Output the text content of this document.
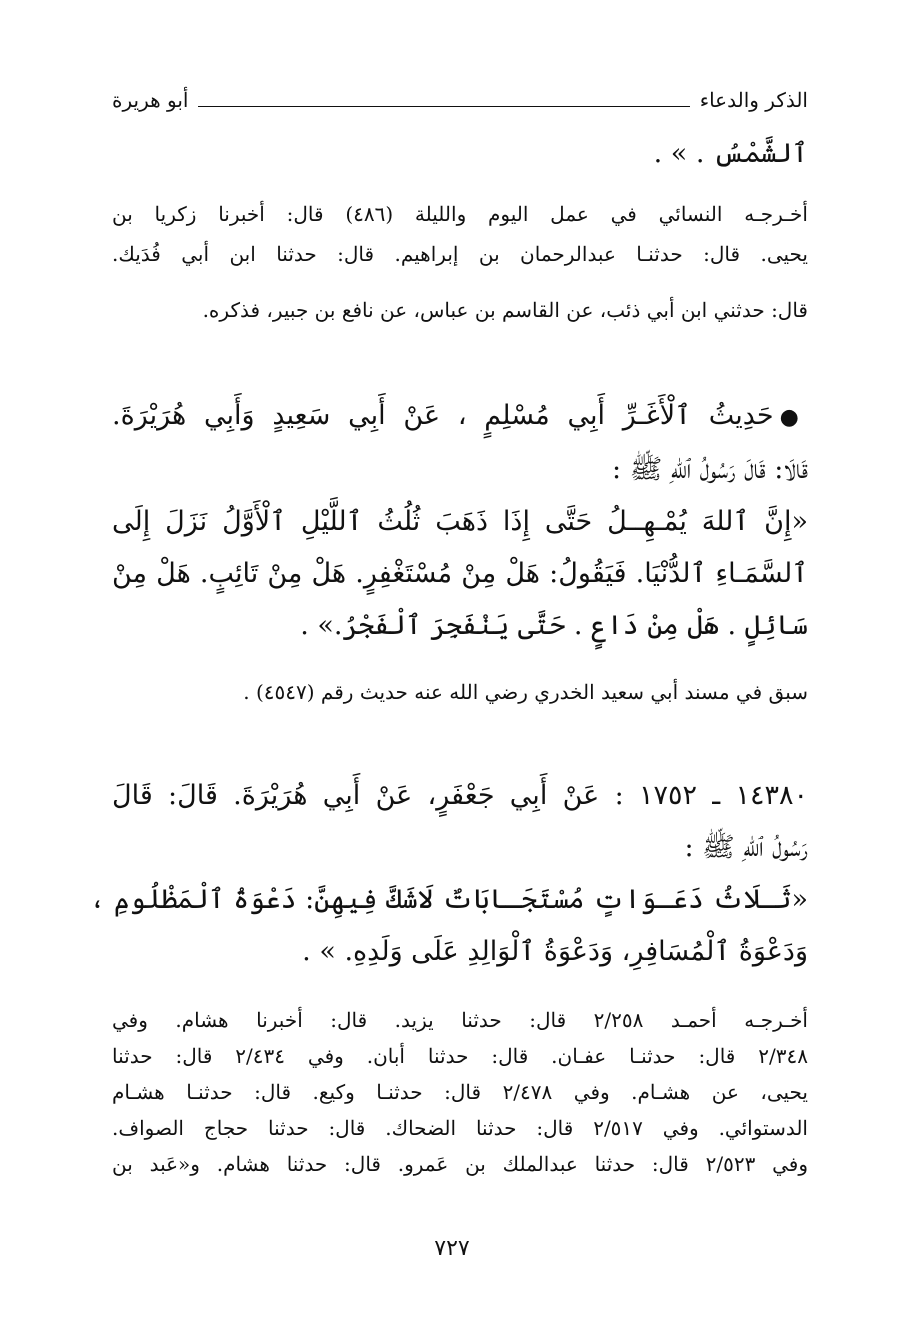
الذكر والدعاء
أبو هريرة

ٱلشَّمْسُ . » .

أخـرجـه النسائي في عمل اليوم والليلة (٤٨٦) قال: أخبرنا زكريا بن
يحيى. قال: حدثنـا عبدالرحمان بن إبراهيم. قال: حدثنا ابن أبي فُدَيك.
قال: حدثني ابن أبي ذئب، عن القاسم بن عباس، عن نافع بن جبير، فذكره.
●حَدِيثُ ٱلْأَغَـرِّ أَبِي مُسْلِمٍ ، عَنْ أَبِي سَعِيدٍ وَأَبِي هُرَيْرَةَ.
قَالَا: قَالَ رَسُولُ ٱللهِ ﷺ :
«إِنَّ ٱللهَ يُمْـهِــلُ حَتَّى إِذَا ذَهَبَ ثُلُثُ ٱللَّيْلِ ٱلْأَوَّلُ نَزَلَ إِلَى
ٱلسَّمَـاءِ ٱلدُّنْيَا. فَيَقُولُ: هَلْ مِنْ مُسْتَغْفِرٍ. هَلْ مِنْ تَائِبٍ. هَلْ مِنْ
سَائِلٍ . هَلْ مِنْ دَاعٍ . حَتَّى يَنْفَجِرَ ٱلْفَجْرُ.» .
سبق في مسند أبي سعيد الخدري رضي الله عنه حديث رقم (٤٥٤٧) .
١٤٣٨٠ ـ ١٧٥٢ : عَنْ أَبِي جَعْفَرٍ، عَنْ أَبِي هُرَيْرَةَ. قَالَ: قَالَ
رَسُولُ ٱللهِ ﷺ :
«ثَـلَاثُ دَعَـوَاتٍ مُسْتَجَـابَاتٌ لَاشَكَّ فِيهِنَّ: دَعْوَةُ ٱلْمَظْلُومِ ،
وَدَعْوَةُ ٱلْمُسَافِرِ، وَدَعْوَةُ ٱلْوَالِدِ عَلَى وَلَدِهِ. » .
أخـرجـه أحمـد ٢/٢٥٨ قال: حدثنا يزيد. قال: أخبرنا هشام. وفي
٢/٣٤٨ قال: حدثنـا عفـان. قال: حدثنا أبان. وفي ٢/٤٣٤ قال: حدثنا
يحيى، عن هشـام. وفي ٢/٤٧٨ قال: حدثنـا وكيع. قال: حدثنـا هشـام
الدستوائي. وفي ٢/٥١٧ قال: حدثنا الضحاك. قال: حدثنا حجاج الصواف.
وفي ٢/٥٢٣ قال: حدثنا عبدالملك بن عَمرو. قال: حدثنا هشام. و«عَبد بن
٧٢٧
